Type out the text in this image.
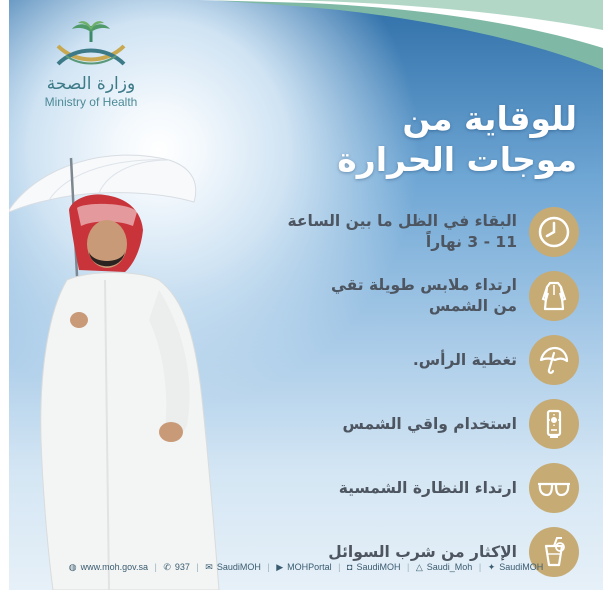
وزارة الصحة
Ministry of Health	للوقاية من
موجات الحرارة
البقاء في الظل ما بين الساعة
11 - 3 نهاراً
ارتداء ملابس طويلة تقي
من الشمس
تغطية الرأس.
استخدام واقي الشمس
ارتداء النظارة الشمسية
الإكثار من شرب السوائل
◍ www.moh.gov.sa | ✆ 937 | ✉ SaudiMOH | ▶ MOHPortal | ◘ SaudiMOH | △ Saudi_Moh | ✦ SaudiMOH
